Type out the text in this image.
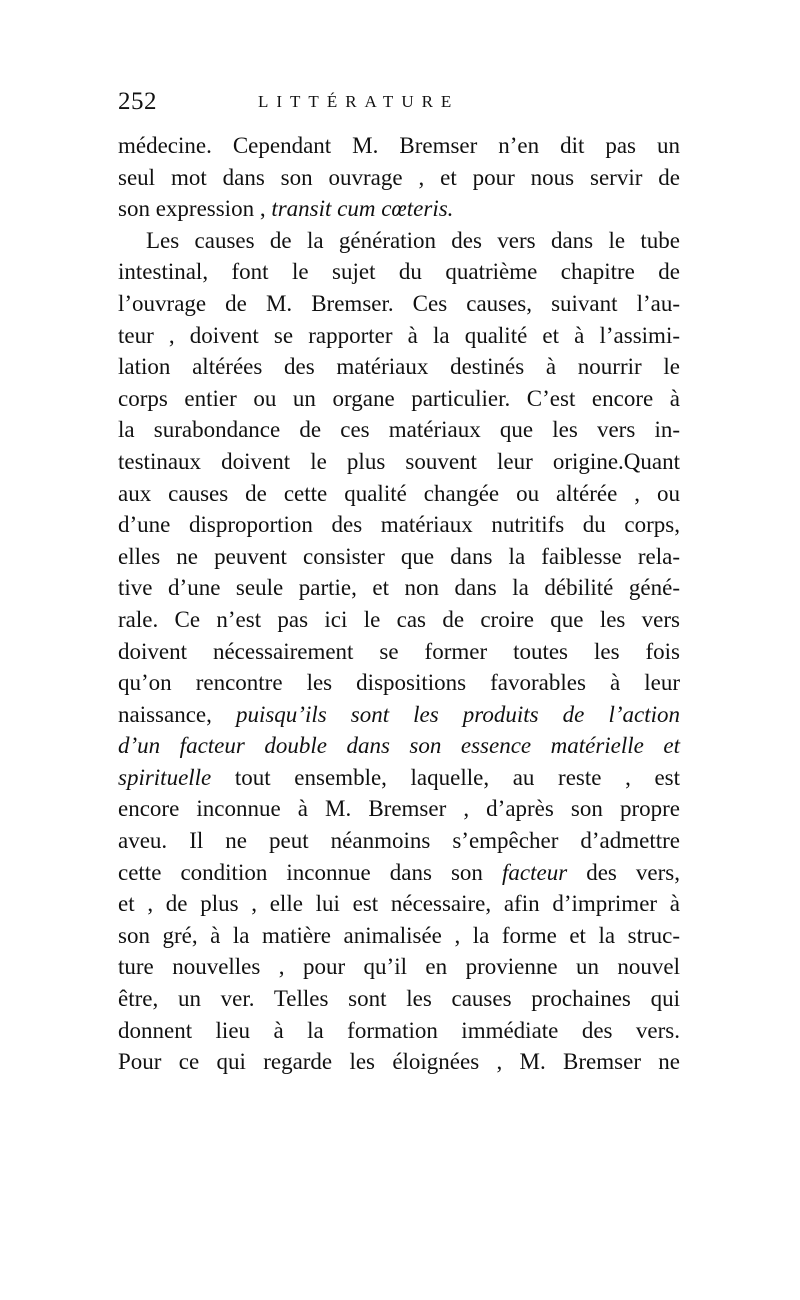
252	LITTÉRATURE
médecine. Cependant M. Bremser n’en dit pas un
seul mot dans son ouvrage , et pour nous servir de
son expression , transit cum cœteris.
Les causes de la génération des vers dans le tube
intestinal, font le sujet du quatrième chapitre de
l’ouvrage de M. Bremser. Ces causes, suivant l’au-
teur , doivent se rapporter à la qualité et à l’assimi-
lation altérées des matériaux destinés à nourrir le
corps entier ou un organe particulier. C’est encore à
la surabondance de ces matériaux que les vers in-
testinaux doivent le plus souvent leur origine.Quant
aux causes de cette qualité changée ou altérée , ou
d’une disproportion des matériaux nutritifs du corps,
elles ne peuvent consister que dans la faiblesse rela-
tive d’une seule partie, et non dans la débilité géné-
rale. Ce n’est pas ici le cas de croire que les vers
doivent nécessairement se former toutes les fois
qu’on rencontre les dispositions favorables à leur
naissance, puisqu’ils sont les produits de l’action
d’un facteur double dans son essence matérielle et
spirituelle tout ensemble, laquelle, au reste , est
encore inconnue à M. Bremser , d’après son propre
aveu. Il ne peut néanmoins s’empêcher d’admettre
cette condition inconnue dans son facteur des vers,
et , de plus , elle lui est nécessaire, afin d’imprimer à
son gré, à la matière animalisée , la forme et la struc-
ture nouvelles , pour qu’il en provienne un nouvel
être, un ver. Telles sont les causes prochaines qui
donnent lieu à la formation immédiate des vers.
Pour ce qui regarde les éloignées , M. Bremser ne
